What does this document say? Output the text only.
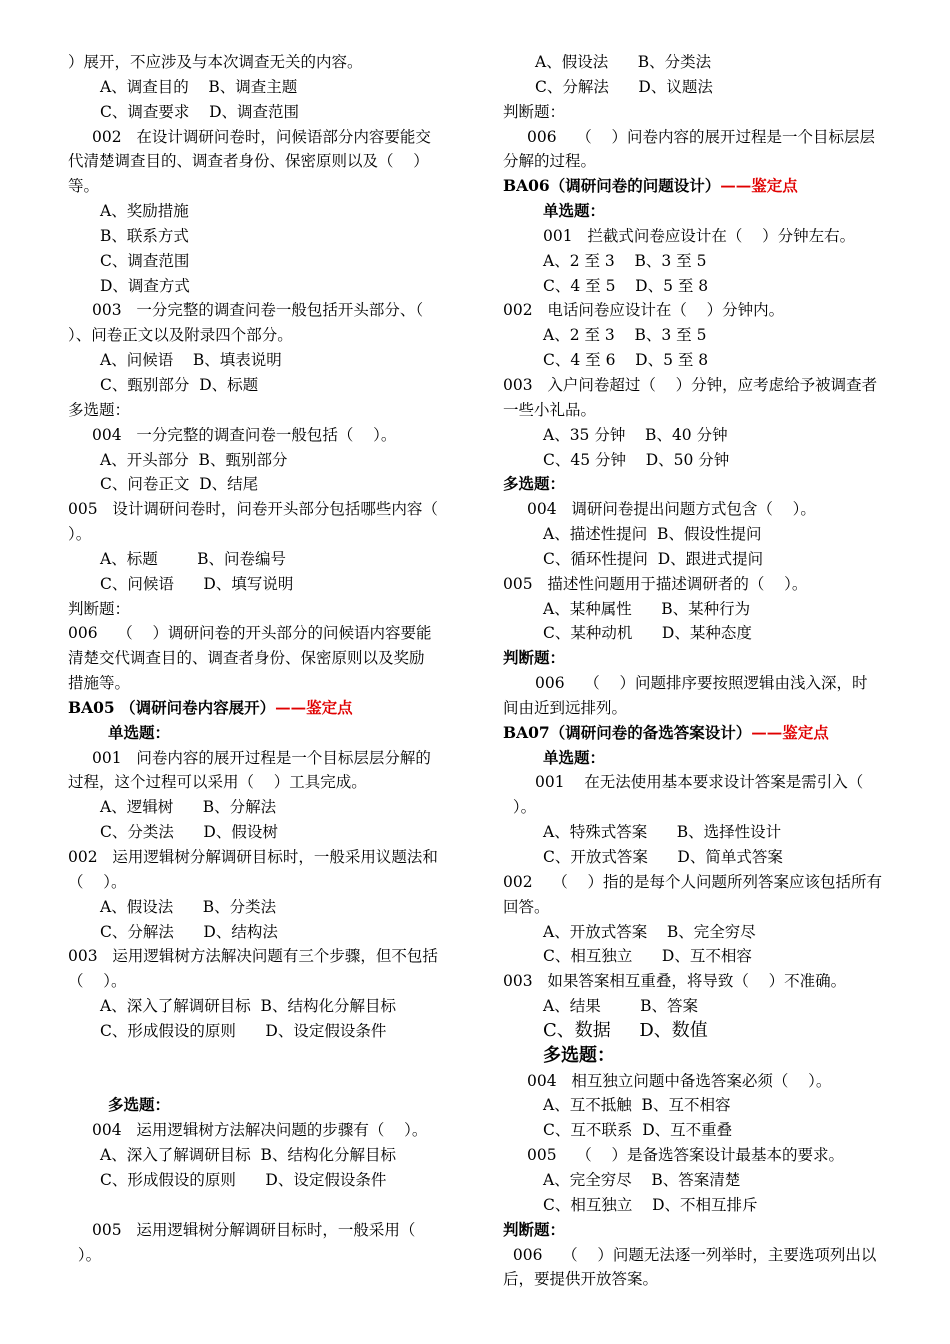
）展开，不应涉及与本次调查无关的内容。
A、调查目的    B、调查主题
C、调查要求    D、调查范围
002   在设计调研问卷时，问候语部分内容要能交
代清楚调查目的、调查者身份、保密原则以及（    ）
等。
A、奖励措施
B、联系方式
C、调查范围
D、调查方式
003   一分完整的调查问卷一般包括开头部分、（
）、问卷正文以及附录四个部分。
A、问候语    B、填表说明
C、甄别部分  D、标题
多选题：
004   一分完整的调查问卷一般包括（    ）。
A、开头部分  B、甄别部分
C、问卷正文  D、结尾
005   设计调研问卷时，问卷开头部分包括哪些内容（
）。
A、标题        B、问卷编号
C、问候语      D、填写说明
判断题：
006    （    ）调研问卷的开头部分的问候语内容要能
清楚交代调查目的、调查者身份、保密原则以及奖励
措施等。
BA05 （调研问卷内容展开）——鉴定点
单选题：
001   问卷内容的展开过程是一个目标层层分解的
过程，这个过程可以采用（    ）工具完成。
A、逻辑树      B、分解法
C、分类法      D、假设树
002   运用逻辑树分解调研目标时，一般采用议题法和
（    ）。
A、假设法      B、分类法
C、分解法      D、结构法
003   运用逻辑树方法解决问题有三个步骤，但不包括
（    ）。
A、深入了解调研目标  B、结构化分解目标
C、形成假设的原则      D、设定假设条件
多选题：
004   运用逻辑树方法解决问题的步骤有（    ）。
A、深入了解调研目标  B、结构化分解目标
C、形成假设的原则      D、设定假设条件
005   运用逻辑树分解调研目标时，一般采用（
）。
A、假设法      B、分类法
C、分解法      D、议题法
判断题：
006    （    ）问卷内容的展开过程是一个目标层层
分解的过程。
BA06（调研问卷的问题设计）——鉴定点
单选题：
001   拦截式问卷应设计在（    ）分钟左右。
A、2 至 3    B、3 至 5
C、4 至 5    D、5 至 8
002   电话问卷应设计在（    ）分钟内。
A、2 至 3    B、3 至 5
C、4 至 6    D、5 至 8
003   入户问卷超过（    ）分钟，应考虑给予被调查者
一些小礼品。
A、35 分钟    B、40 分钟
C、45 分钟    D、50 分钟
多选题：
004   调研问卷提出问题方式包含（    ）。
A、描述性提问  B、假设性提问
C、循环性提问  D、跟进式提问
005   描述性问题用于描述调研者的（    ）。
A、某种属性      B、某种行为
C、某种动机      D、某种态度
判断题：
006    （    ）问题排序要按照逻辑由浅入深，时
间由近到远排列。
BA07（调研问卷的备选答案设计）——鉴定点
单选题：
001    在无法使用基本要求设计答案是需引入（
）。
A、特殊式答案      B、选择性设计
C、开放式答案      D、简单式答案
002    （    ）指的是每个人问题所列答案应该包括所有
回答。
A、开放式答案    B、完全穷尽
C、相互独立      D、互不相容
003   如果答案相互重叠，将导致（    ）不准确。
A、结果        B、答案
C、数据     D、数值
多选题：
004   相互独立问题中备选答案必须（    ）。
A、互不抵触  B、互不相容
C、互不联系  D、互不重叠
005    （    ）是备选答案设计最基本的要求。
A、完全穷尽    B、答案清楚
C、相互独立    D、不相互排斥
判断题：
006    （    ）问题无法逐一列举时，主要选项列出以
后，要提供开放答案。
